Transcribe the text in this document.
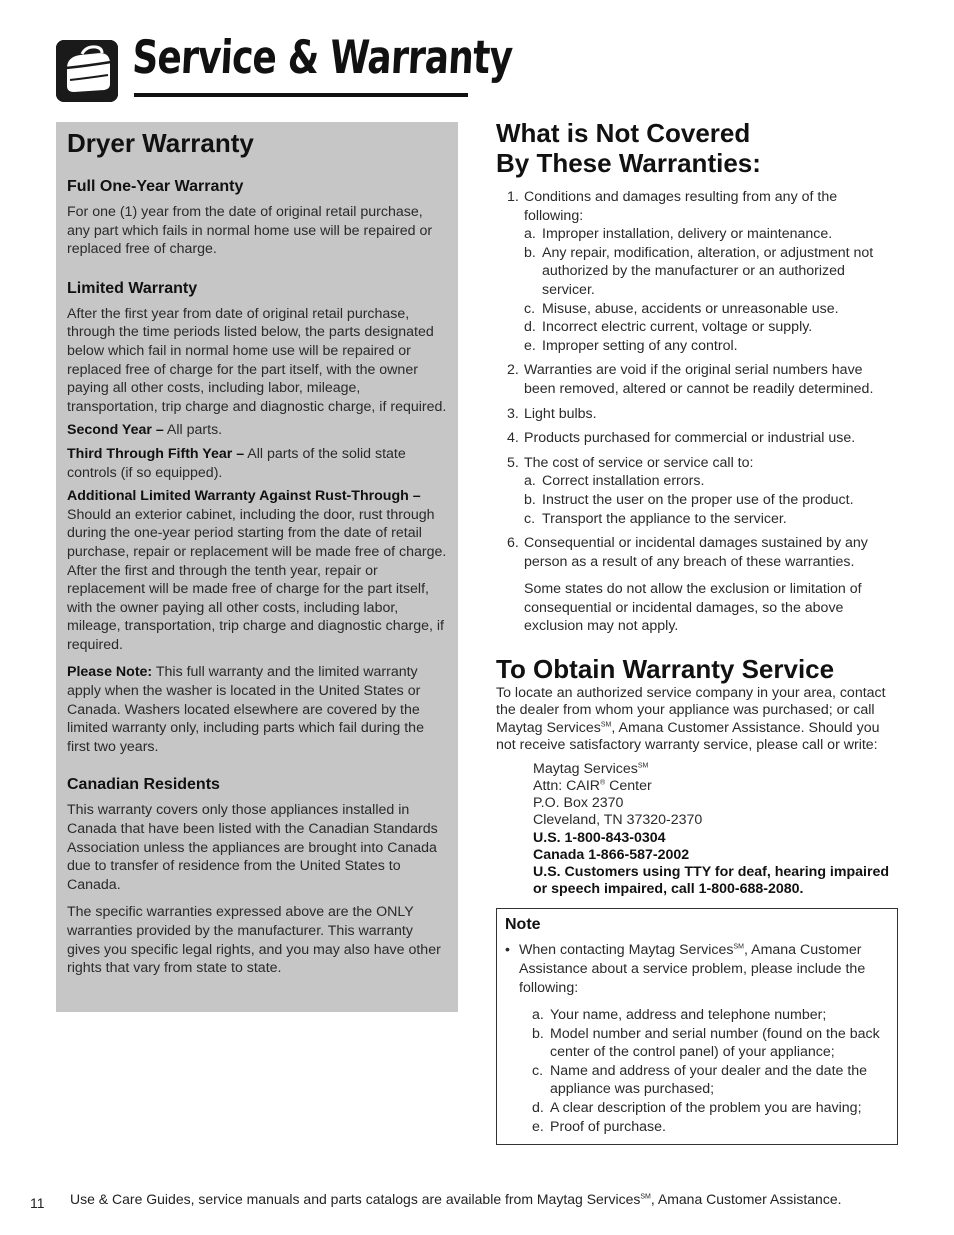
Service & Warranty

Dryer Warranty

Full One-Year Warranty

For one (1) year from the date of original retail purchase, any part which fails in normal home use will be repaired or replaced free of charge.

Limited Warranty

After the first year from date of original retail purchase, through the time periods listed below, the parts designated below which fail in normal home use will be repaired or replaced free of charge for the part itself, with the owner paying all other costs, including labor, mileage, transportation, trip charge and diagnostic charge, if required.

Second Year – All parts.

Third Through Fifth Year – All parts of the solid state controls (if so equipped).

Additional Limited Warranty Against Rust-Through – Should an exterior cabinet, including the door, rust through during the one-year period starting from the date of retail purchase, repair or replacement will be made free of charge. After the first and through the tenth year, repair or replacement will be made free of charge for the part itself, with the owner paying all other costs, including labor, mileage, transportation, trip charge and diagnostic charge, if required.

Please Note: This full warranty and the limited warranty apply when the washer is located in the United States or Canada. Washers located elsewhere are covered by the limited warranty only, including parts which fail during the first two years.

Canadian Residents

This warranty covers only those appliances installed in Canada that have been listed with the Canadian Standards Association unless the appliances are brought into Canada due to transfer of residence from the United States to Canada.

The specific warranties expressed above are the ONLY warranties provided by the manufacturer. This warranty gives you specific legal rights, and you may also have other rights that vary from state to state.

What is Not Covered
By These Warranties:

1. Conditions and damages resulting from any of the following:
a. Improper installation, delivery or maintenance.
b. Any repair, modification, alteration, or adjustment not authorized by the manufacturer or an authorized servicer.
c. Misuse, abuse, accidents or unreasonable use.
d. Incorrect electric current, voltage or supply.
e. Improper setting of any control.
2. Warranties are void if the original serial numbers have been removed, altered or cannot be readily determined.
3. Light bulbs.
4. Products purchased for commercial or industrial use.
5. The cost of service or service call to:
a. Correct installation errors.
b. Instruct the user on the proper use of the product.
c. Transport the appliance to the servicer.
6. Consequential or incidental damages sustained by any person as a result of any breach of these warranties.

Some states do not allow the exclusion or limitation of consequential or incidental damages, so the above exclusion may not apply.

To Obtain Warranty Service

To locate an authorized service company in your area, contact the dealer from whom your appliance was purchased; or call Maytag Services℠, Amana Customer Assistance. Should you not receive satisfactory warranty service, please call or write:

Maytag Services℠
Attn: CAIR® Center
P.O. Box 2370
Cleveland, TN 37320-2370
U.S. 1-800-843-0304
Canada 1-866-587-2002
U.S. Customers using TTY for deaf, hearing impaired or speech impaired, call 1-800-688-2080.

Note

• When contacting Maytag Services℠, Amana Customer Assistance about a service problem, please include the following:
a. Your name, address and telephone number;
b. Model number and serial number (found on the back center of the control panel) of your appliance;
c. Name and address of your dealer and the date the appliance was purchased;
d. A clear description of the problem you are having;
e. Proof of purchase.
11 Use & Care Guides, service manuals and parts catalogs are available from Maytag Services℠, Amana Customer Assistance.
